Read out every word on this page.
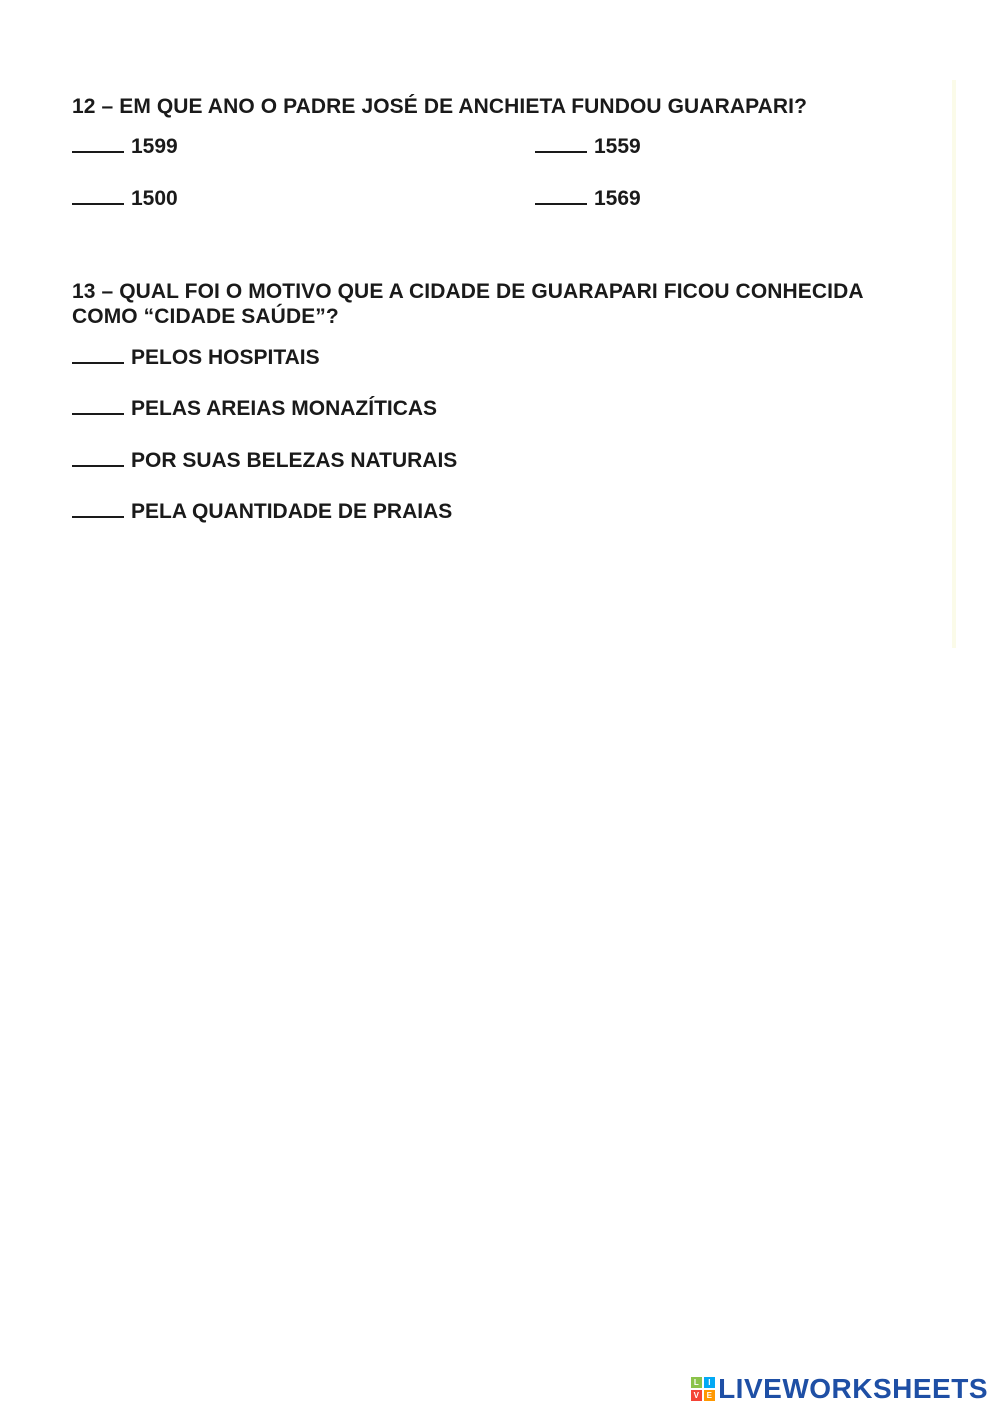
12 – EM QUE ANO O PADRE JOSÉ DE ANCHIETA FUNDOU GUARAPARI?

1599	1559
1500	1569
13 – QUAL FOI O MOTIVO QUE A CIDADE DE GUARAPARI FICOU CONHECIDA
COMO “CIDADE SAÚDE”?
PELOS HOSPITAIS
PELAS AREIAS MONAZÍTICAS
POR SUAS BELEZAS NATURAIS
PELA QUANTIDADE DE PRAIAS
L	I
V E LIVEWORKSHEETS
